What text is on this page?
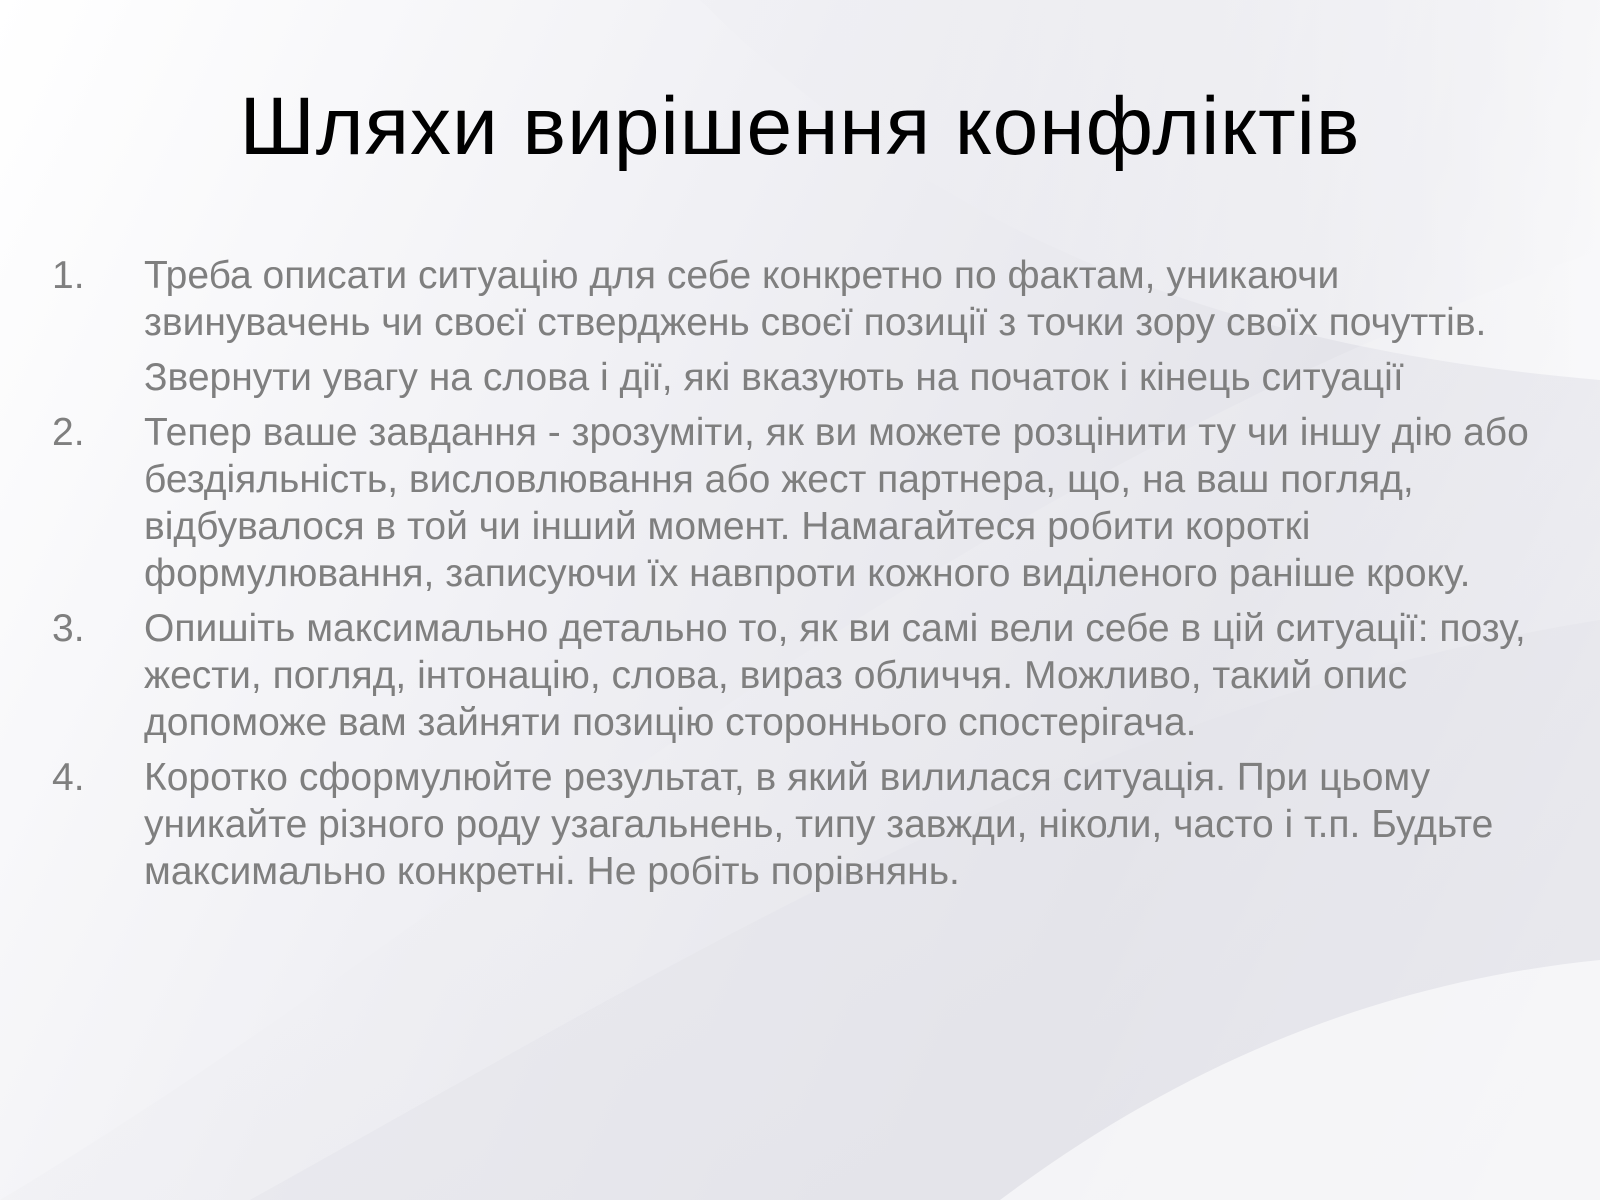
Шляхи вирішення конфліктів
1.	Треба описати ситуацію для себе конкретно по фактам, уникаючи звинувачень чи своєї стверджень своєї позиції з точки зору своїх почуттів.
Звернути увагу на слова і дії, які вказують на початок і кінець ситуації
2.	Тепер ваше завдання - зрозуміти, як ви можете розцінити ту чи іншу дію або бездіяльність, висловлювання або жест партнера, що, на ваш погляд, відбувалося в той чи інший момент. Намагайтеся робити короткі формулювання, записуючи їх навпроти кожного виділеного раніше кроку.
3.	Опишіть максимально детально то, як ви самі вели себе в цій ситуації: позу, жести, погляд, інтонацію, слова, вираз обличчя. Можливо, такий опис допоможе вам зайняти позицію стороннього спостерігача.
4.	Коротко сформулюйте результат, в який вилилася ситуація. При цьому уникайте різного роду узагальнень, типу завжди, ніколи, часто і т.п. Будьте максимально конкретні. Не робіть порівнянь.
